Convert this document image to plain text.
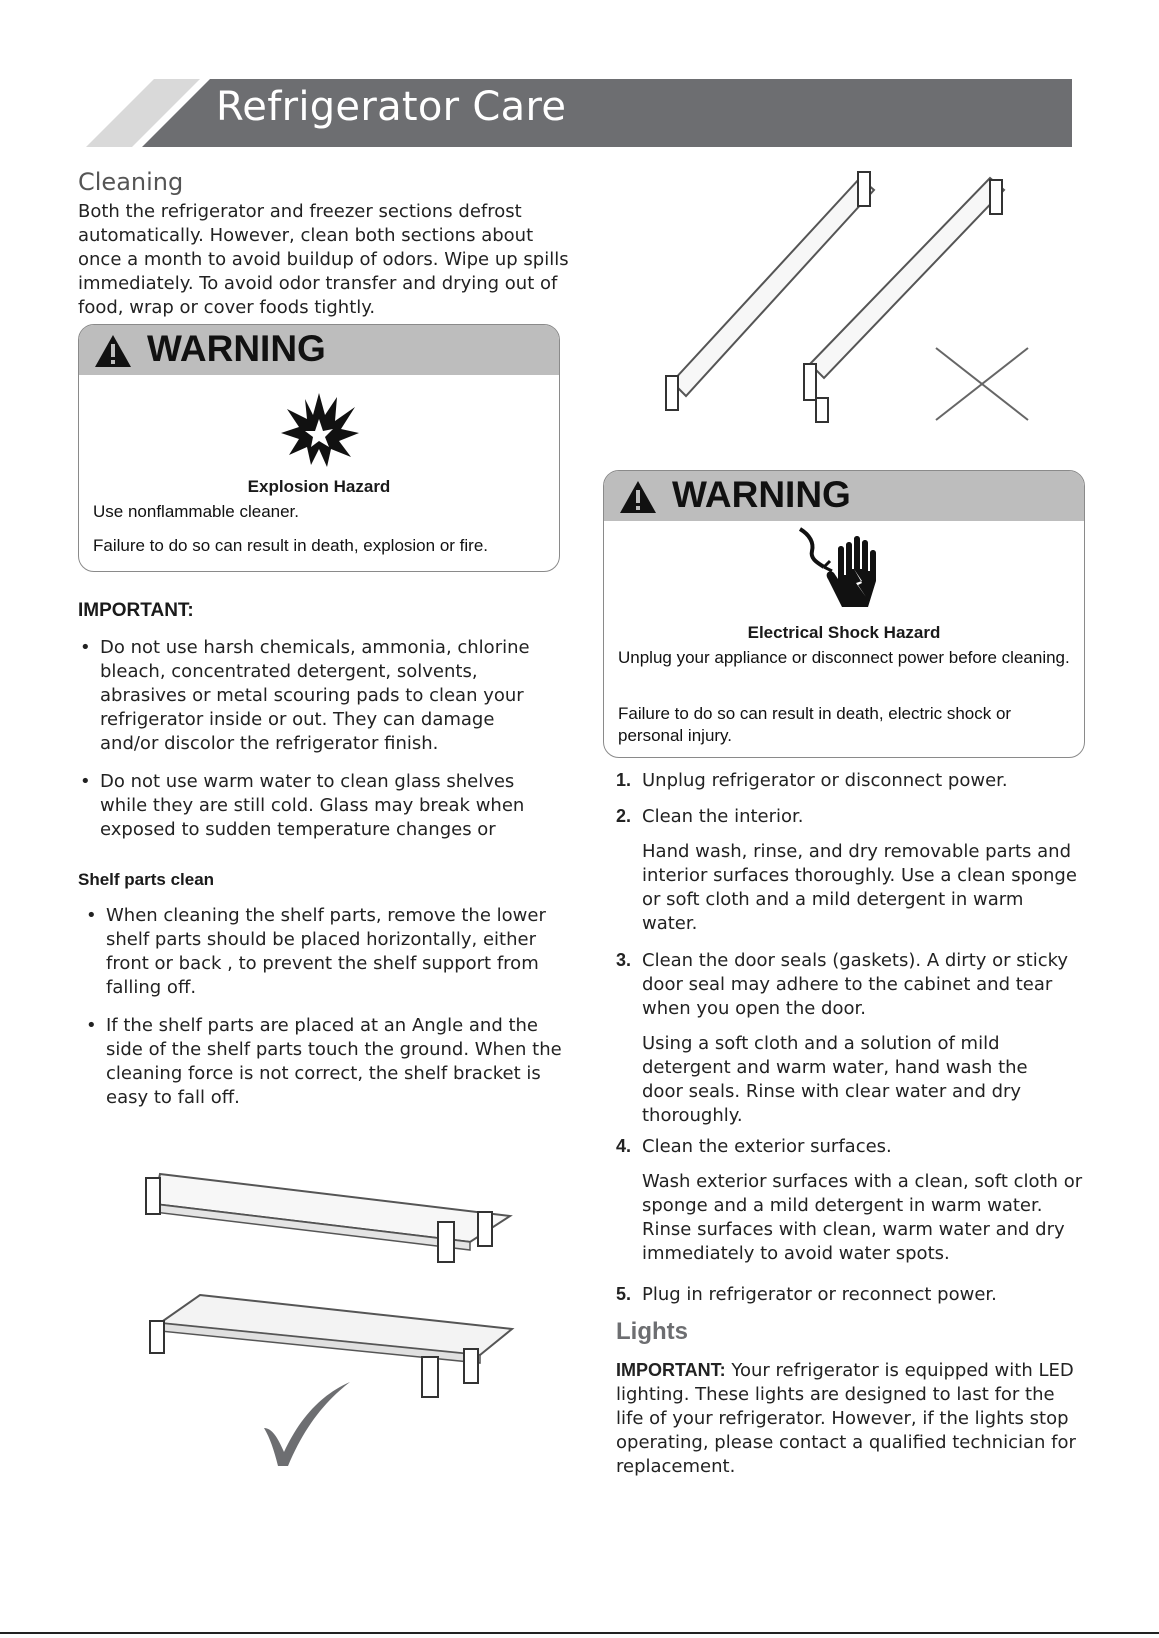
Refrigerator Care
Cleaning
Both the refrigerator and freezer sections defrost automatically. However, clean both sections about once a month to avoid buildup of odors. Wipe up spills immediately. To avoid odor transfer and drying out of food, wrap or cover foods tightly.
WARNING
Explosion Hazard
Use nonflammable cleaner.
Failure to do so can result in death, explosion or fire.
IMPORTANT:
• Do not use harsh chemicals, ammonia, chlorine bleach, concentrated detergent, solvents, abrasives or metal scouring pads to clean your refrigerator inside or out. They can damage and/or discolor the refrigerator finish.
• Do not use warm water to clean glass shelves while they are still cold. Glass may break when exposed to sudden temperature changes or
Shelf parts clean
• When cleaning the shelf parts, remove the lower shelf parts should be placed horizontally, either front or back , to prevent the shelf support from falling off.
• If the shelf parts are placed at an Angle and the side of the shelf parts touch the ground. When the cleaning force is not correct, the shelf bracket is easy to fall off.
WARNING
Electrical Shock Hazard
Unplug your appliance or disconnect power before cleaning.
Failure to do so can result in death, electric shock or personal injury.
1. Unplug refrigerator or disconnect power.
2. Clean the interior.
Hand wash, rinse, and dry removable parts and interior surfaces thoroughly. Use a clean sponge or soft cloth and a mild detergent in warm water.
3. Clean the door seals (gaskets). A dirty or sticky door seal may adhere to the cabinet and tear when you open the door.
Using a soft cloth and a solution of mild detergent and warm water, hand wash the door seals. Rinse with clear water and dry thoroughly.
4. Clean the exterior surfaces.
Wash exterior surfaces with a clean, soft cloth or sponge and a mild detergent in warm water. Rinse surfaces with clean, warm water and dry immediately to avoid water spots.
5. Plug in refrigerator or reconnect power.
Lights
IMPORTANT: Your refrigerator is equipped with LED lighting. These lights are designed to last for the life of your refrigerator. However, if the lights stop operating, please contact a qualified technician for replacement.
